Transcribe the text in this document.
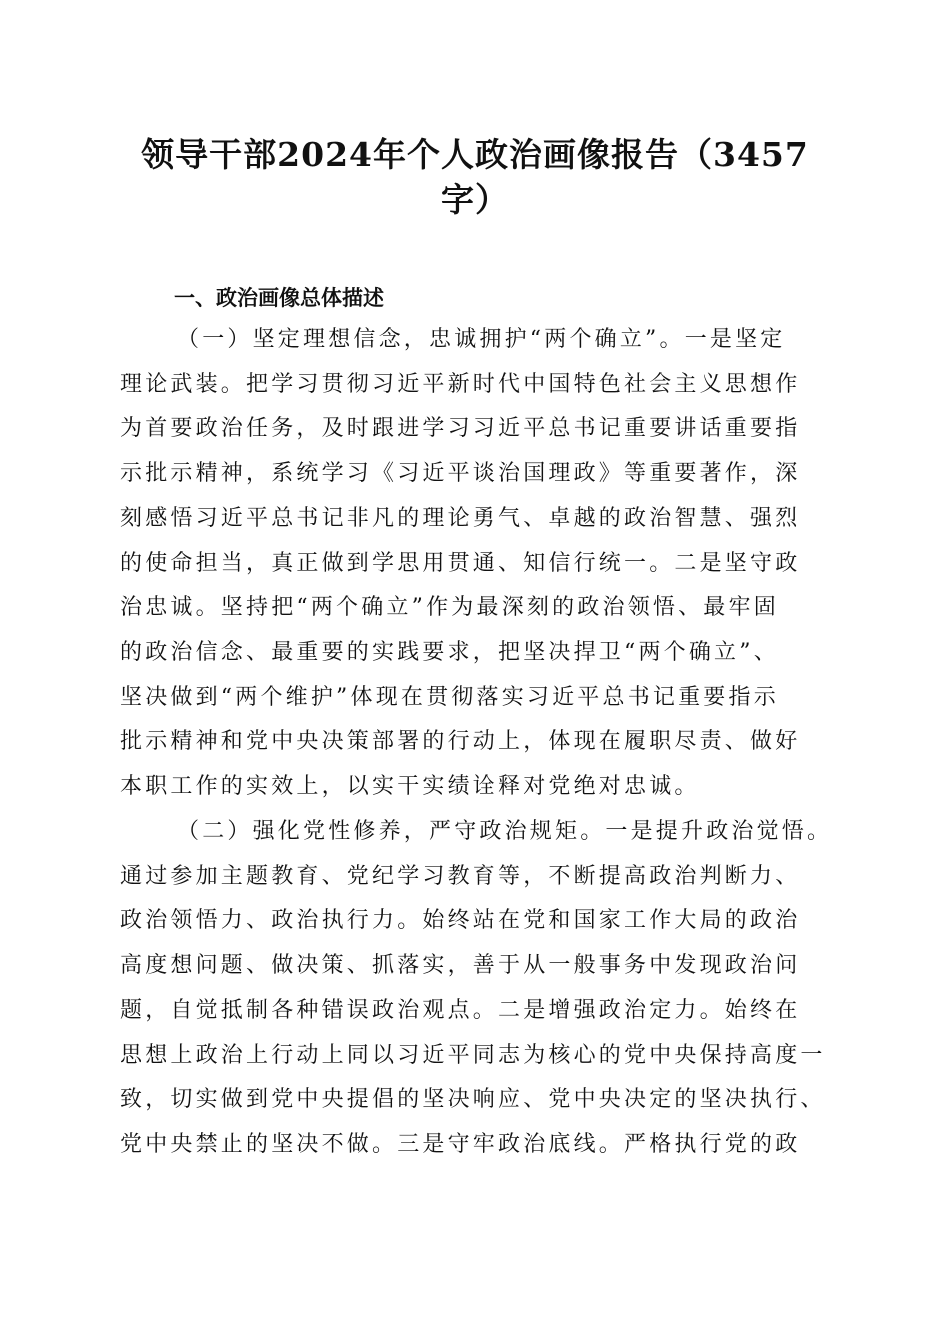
领导干部2024年个人政治画像报告（3457
字）
一、政治画像总体描述
（一）坚定理想信念，忠诚拥护“两个确立”。一是坚定
理论武装。把学习贯彻习近平新时代中国特色社会主义思想作
为首要政治任务，及时跟进学习习近平总书记重要讲话重要指
示批示精神，系统学习《习近平谈治国理政》等重要著作，深
刻感悟习近平总书记非凡的理论勇气、卓越的政治智慧、强烈
的使命担当，真正做到学思用贯通、知信行统一。二是坚守政
治忠诚。坚持把“两个确立”作为最深刻的政治领悟、最牢固
的政治信念、最重要的实践要求，把坚决捍卫“两个确立”、
坚决做到“两个维护”体现在贯彻落实习近平总书记重要指示
批示精神和党中央决策部署的行动上，体现在履职尽责、做好
本职工作的实效上，以实干实绩诠释对党绝对忠诚。
（二）强化党性修养，严守政治规矩。一是提升政治觉悟。
通过参加主题教育、党纪学习教育等，不断提高政治判断力、
政治领悟力、政治执行力。始终站在党和国家工作大局的政治
高度想问题、做决策、抓落实，善于从一般事务中发现政治问
题，自觉抵制各种错误政治观点。二是增强政治定力。始终在
思想上政治上行动上同以习近平同志为核心的党中央保持高度一
致，切实做到党中央提倡的坚决响应、党中央决定的坚决执行、
党中央禁止的坚决不做。三是守牢政治底线。严格执行党的政
